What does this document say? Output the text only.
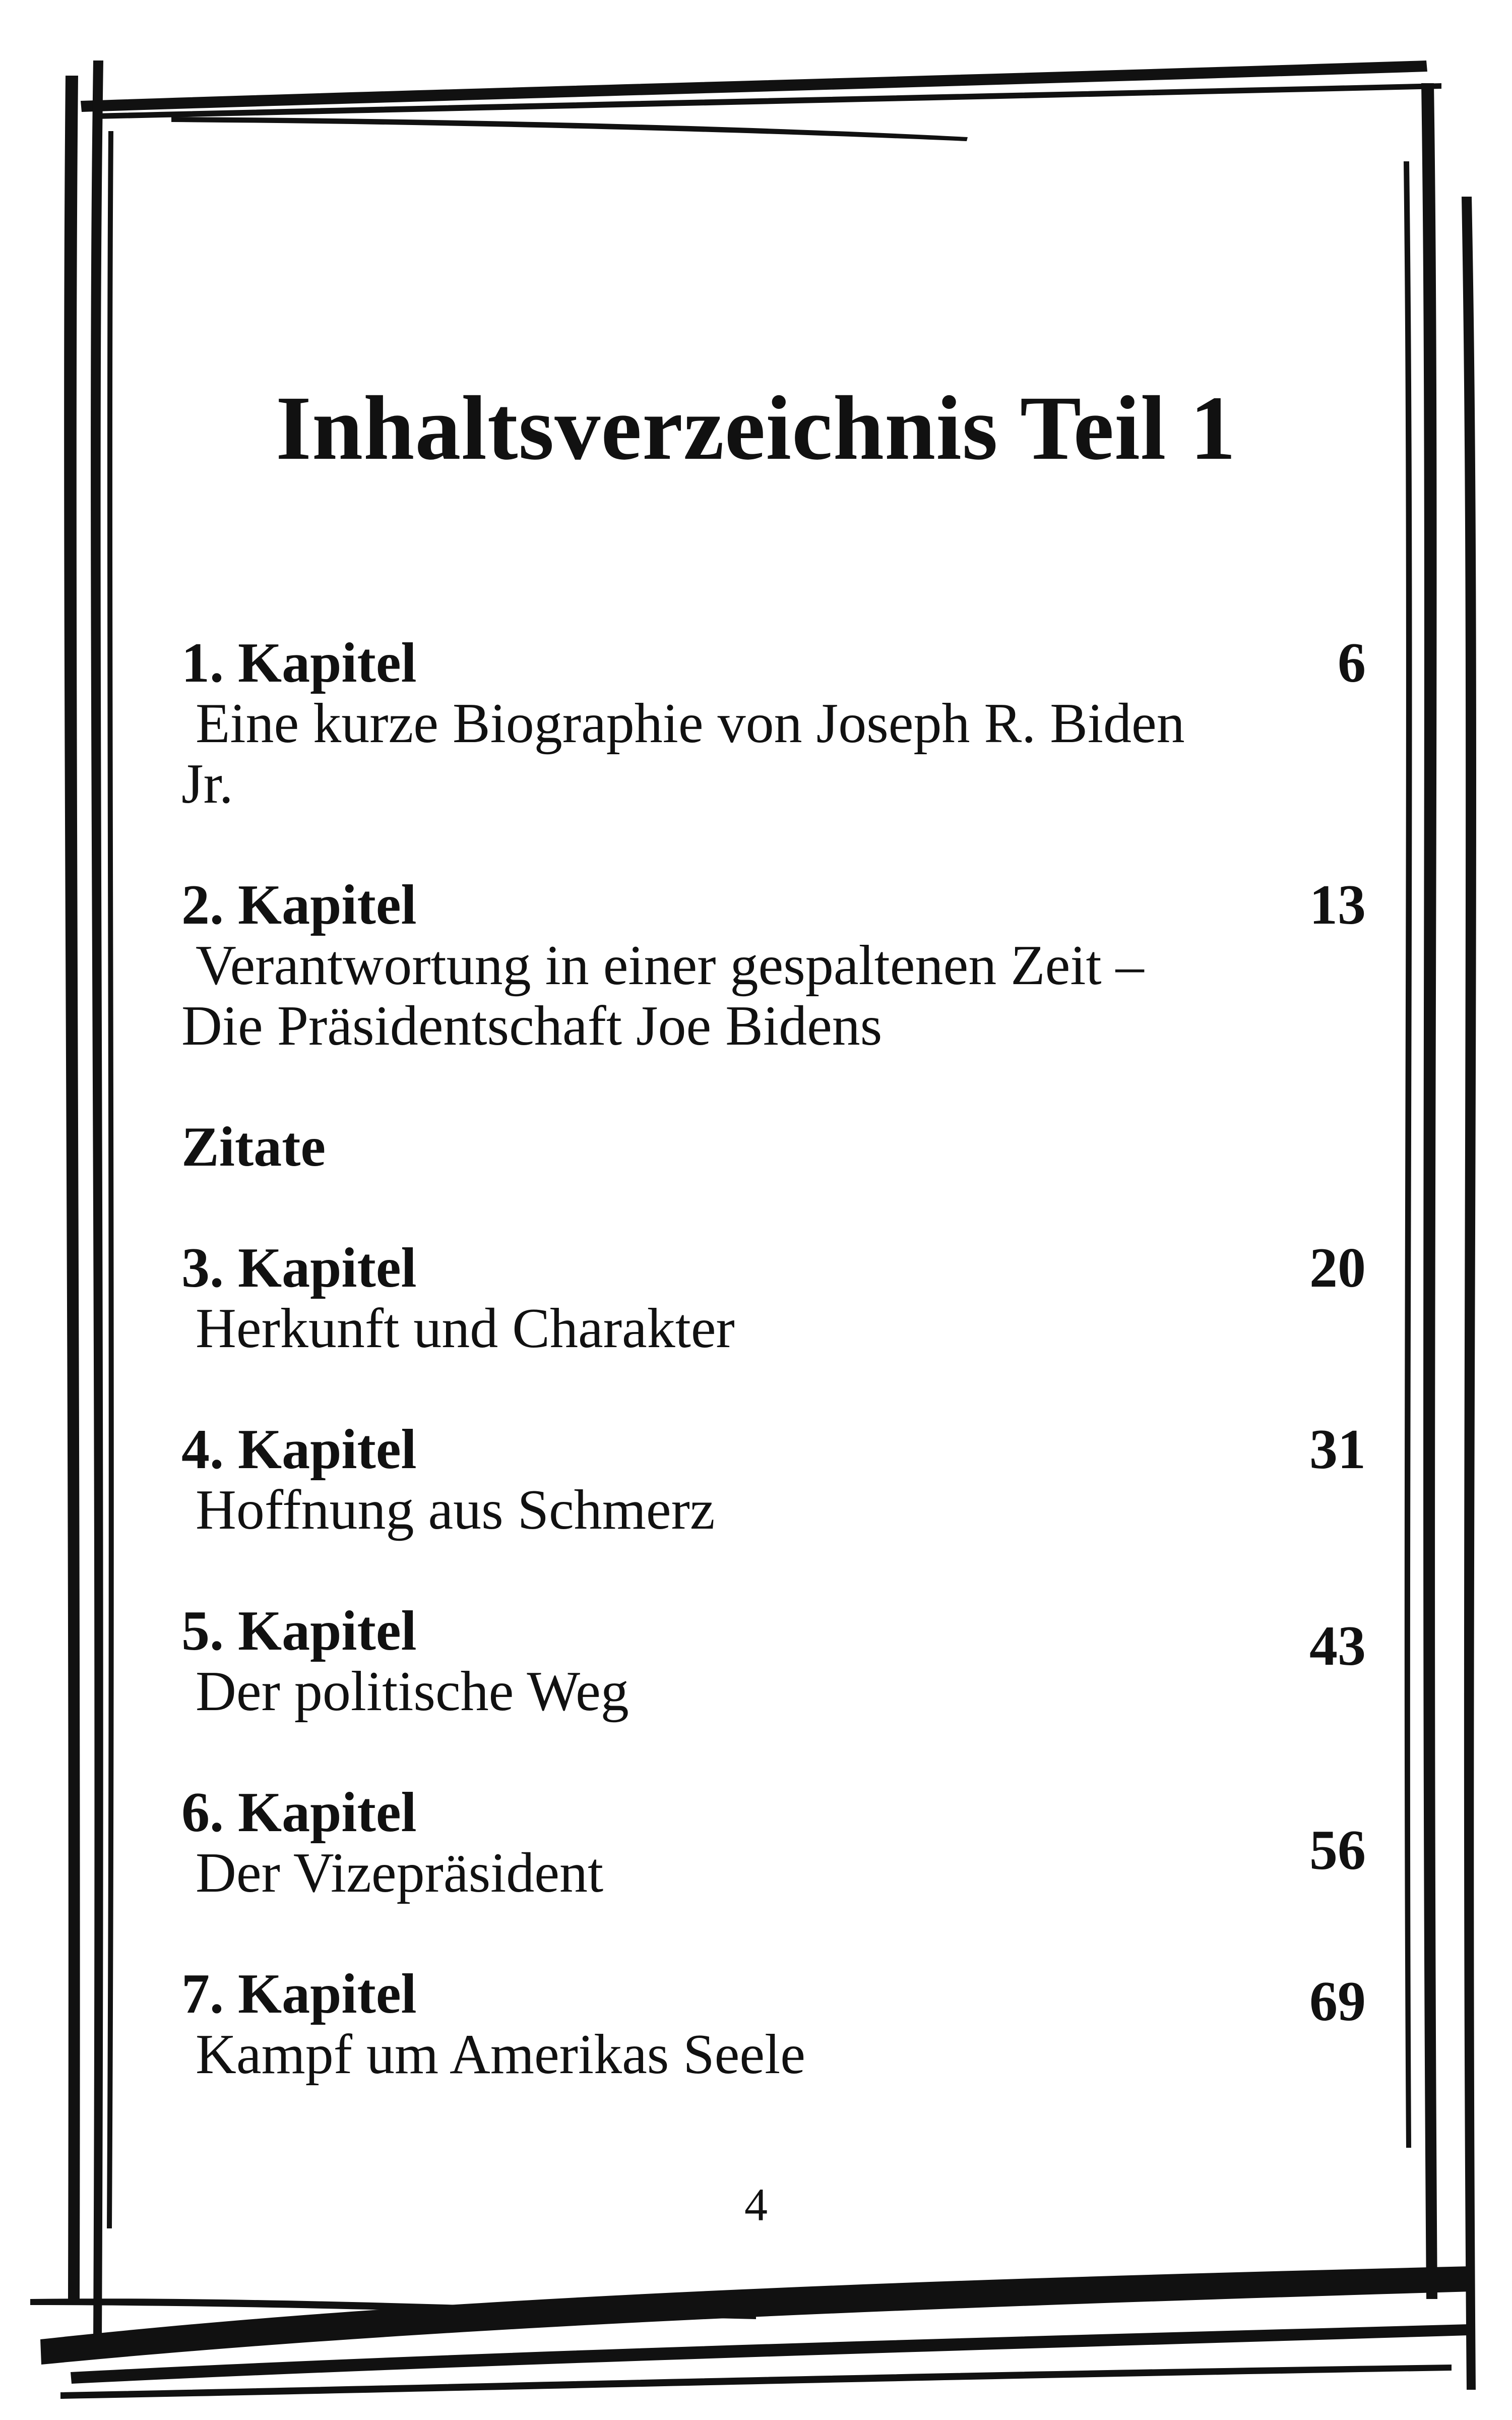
Inhaltsverzeichnis Teil 1
1. Kapitel
Eine kurze Biographie von Joseph R. Biden Jr.
6
2. Kapitel
Verantwortung in einer gespaltenen Zeit – Die Präsidentschaft Joe Bidens
13
Zitate
3. Kapitel
Herkunft und Charakter
20
4. Kapitel
Hoffnung aus Schmerz
31
5. Kapitel
Der politische Weg
43
6. Kapitel
Der Vizepräsident	56
7. Kapitel
Kampf um Amerikas Seele
69
4
